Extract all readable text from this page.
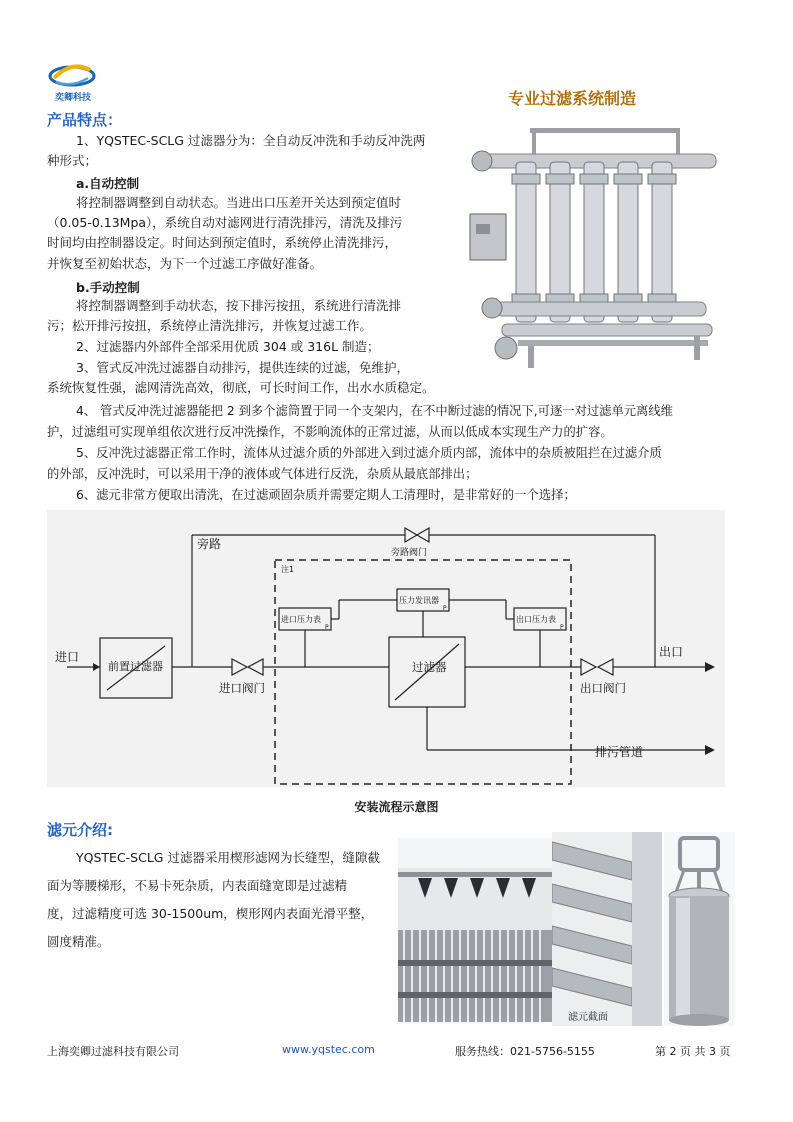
奕卿科技	专业过滤系统制造
产品特点：
1、YQSTEC-SCLG 过滤器分为：全自动反冲洗和手动反冲洗两
种形式；
a.自动控制
将控制器调整到自动状态。当进出口压差开关达到预定值时
（0.05-0.13Mpa），系统自动对滤网进行清洗排污，清洗及排污
时间均由控制器设定。时间达到预定值时，系统停止清洗排污，
并恢复至初始状态，为下一个过滤工序做好准备。
b.手动控制
将控制器调整到手动状态，按下排污按扭，系统进行清洗排
污；松开排污按扭，系统停止清洗排污，并恢复过滤工作。
2、过滤器内外部件全部采用优质 304 或 316L 制造；
3、管式反冲洗过滤器自动排污，提供连续的过滤，免维护，
系统恢复性强，滤网清洗高效，彻底，可长时间工作，出水水质稳定。
4、 管式反冲洗过滤器能把 2 到多个滤筒置于同一个支架内，在不中断过滤的情况下,可逐一对过滤单元离线维
护，过滤组可实现单组依次进行反冲洗操作，不影响流体的正常过滤，从而以低成本实现生产力的扩容。
5、反冲洗过滤器正常工作时，流体从过滤介质的外部进入到过滤介质内部，流体中的杂质被阻拦在过滤介质
的外部，反冲洗时，可以采用干净的液体或气体进行反洗，杂质从最底部排出；
6、滤元非常方便取出清洗，在过滤顽固杂质并需要定期人工清理时，是非常好的一个选择；
进口
前置过滤器
进口阀门
旁路
旁路阀门
注1
进口压力表
P
压力发讯器
P
出口压力表
P
过滤器
出口阀门
出口
排污管道
安装流程示意图
滤元介绍:
YQSTEC-SCLG 过滤器采用楔形滤网为长缝型，缝隙截
面为等腰梯形，不易卡死杂质，内表面缝宽即是过滤精
度，过滤精度可选 30-1500um，楔形网内表面光滑平整，
圆度精准。
滤元截面
上海奕卿过滤科技有限公司	www.yqstec.com	服务热线：021-5756-5155	第 2 页 共 3 页
